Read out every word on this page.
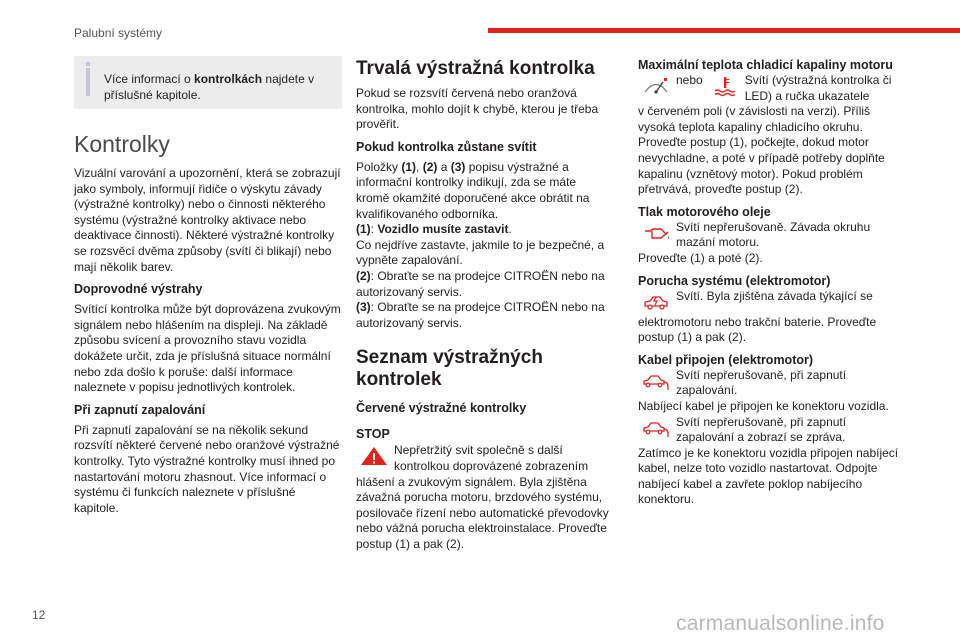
Palubní systémy

Více informací o kontrolkách najdete v příslušné kapitole.

Kontrolky

Vizuální varování a upozornění, která se zobrazují jako symboly, informují řidiče o výskytu závady (výstražné kontrolky) nebo o činnosti některého systému (výstražné kontrolky aktivace nebo deaktivace činnosti). Některé výstražné kontrolky se rozsvěcí dvěma způsoby (svítí či blikají) nebo mají několik barev.

Doprovodné výstrahy

Svítící kontrolka může být doprovázena zvukovým signálem nebo hlášením na displeji. Na základě způsobu svícení a provozního stavu vozidla dokážete určit, zda je příslušná situace normální nebo zda došlo k poruše: další informace naleznete v popisu jednotlivých kontrolek.

Při zapnutí zapalování

Při zapnutí zapalování se na několik sekund rozsvítí některé červené nebo oranžové výstražné kontrolky. Tyto výstražné kontrolky musí ihned po nastartování motoru zhasnout. Více informací o systému či funkcích naleznete v příslušné kapitole.

Trvalá výstražná kontrolka

Pokud se rozsvítí červená nebo oranžová kontrolka, mohlo dojít k chybě, kterou je třeba prověřit.

Pokud kontrolka zůstane svítit

Položky (1), (2) a (3) popisu výstražné a informační kontrolky indikují, zda se máte kromě okamžité doporučené akce obrátit na kvalifikovaného odborníka.

(1): Vozidlo musíte zastavit.

Co nejdříve zastavte, jakmile to je bezpečné, a vypněte zapalování.

(2): Obraťte se na prodejce CITROËN nebo na autorizovaný servis.

(3): Obraťte se na prodejce CITROËN nebo na autorizovaný servis.

Seznam výstražných kontrolek
Červené výstražné kontrolky
STOP

Nepřetržitý svit společně s další kontrolkou doprovázené zobrazením

hlášení a zvukovým signálem. Byla zjištěna závažná porucha motoru, brzdového systému, posilovače řízení nebo automatické převodovky nebo vážná porucha elektroinstalace. Proveďte postup (1) a pak (2).

Maximální teplota chladicí kapaliny motoru
nebo	Svítí (výstražná kontrolka či LED) a ručka ukazatele

v červeném poli (v závislosti na verzi). Příliš vysoká teplota kapaliny chladicího okruhu. Proveďte postup (1), počkejte, dokud motor nevychladne, a poté v případě potřeby doplňte kapalinu (vznětový motor). Pokud problém přetrvává, proveďte postup (2).

Tlak motorového oleje

Svítí nepřerušovaně. Závada okruhu mazání motoru.

Proveďte (1) a poté (2).

Porucha systému (elektromotor)

Svítí. Byla zjištěna závada týkající se

elektromotoru nebo trakční baterie. Proveďte postup (1) a pak (2).

Kabel připojen (elektromotor)

Svítí nepřerušovaně, při zapnutí zapalování.

Nabíjecí kabel je připojen ke konektoru vozidla.

Svítí nepřerušovaně, při zapnutí zapalování a zobrazí se zpráva.

Zatímco je ke konektoru vozidla připojen nabíjecí kabel, nelze toto vozidlo nastartovat. Odpojte nabíjecí kabel a zavřete poklop nabíjecího konektoru.

12	carmanualsonline.info
